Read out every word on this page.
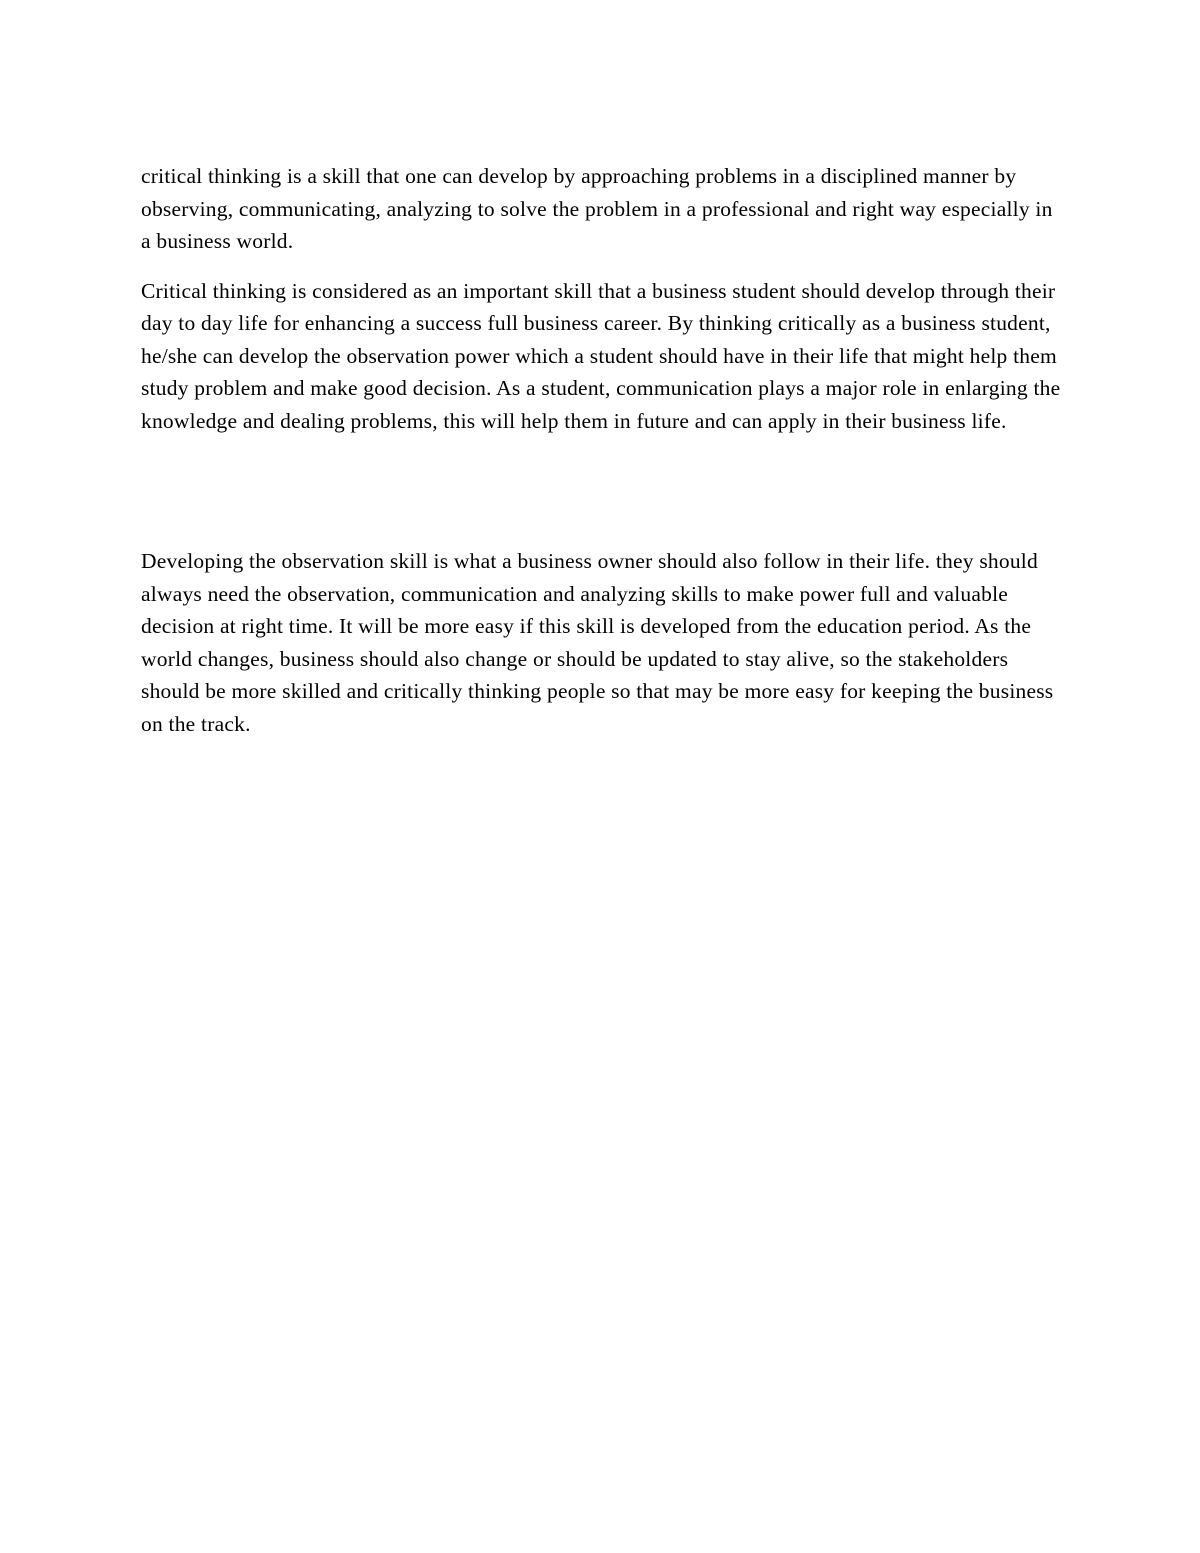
critical thinking is a skill that one can develop by approaching problems in a disciplined manner by observing, communicating, analyzing to solve the problem in a professional and right way especially in a business world.

Critical thinking is considered as an important skill that a business student should develop through their day to day life for enhancing a success full business career. By thinking critically as a business student, he/she can develop the observation power which a student should have in their life that might help them study problem and make good decision. As a student, communication plays a major role in enlarging the knowledge and dealing problems, this will help them in future and can apply in their business life.

Developing the observation skill is what a business owner should also follow in their life. they should always need the observation, communication and analyzing skills to make power full and valuable decision at right time. It will be more easy if this skill is developed from the education period. As the world changes, business should also change or should be updated to stay alive, so the stakeholders should be more skilled and critically thinking people so that may be more easy for keeping the business on the track.
